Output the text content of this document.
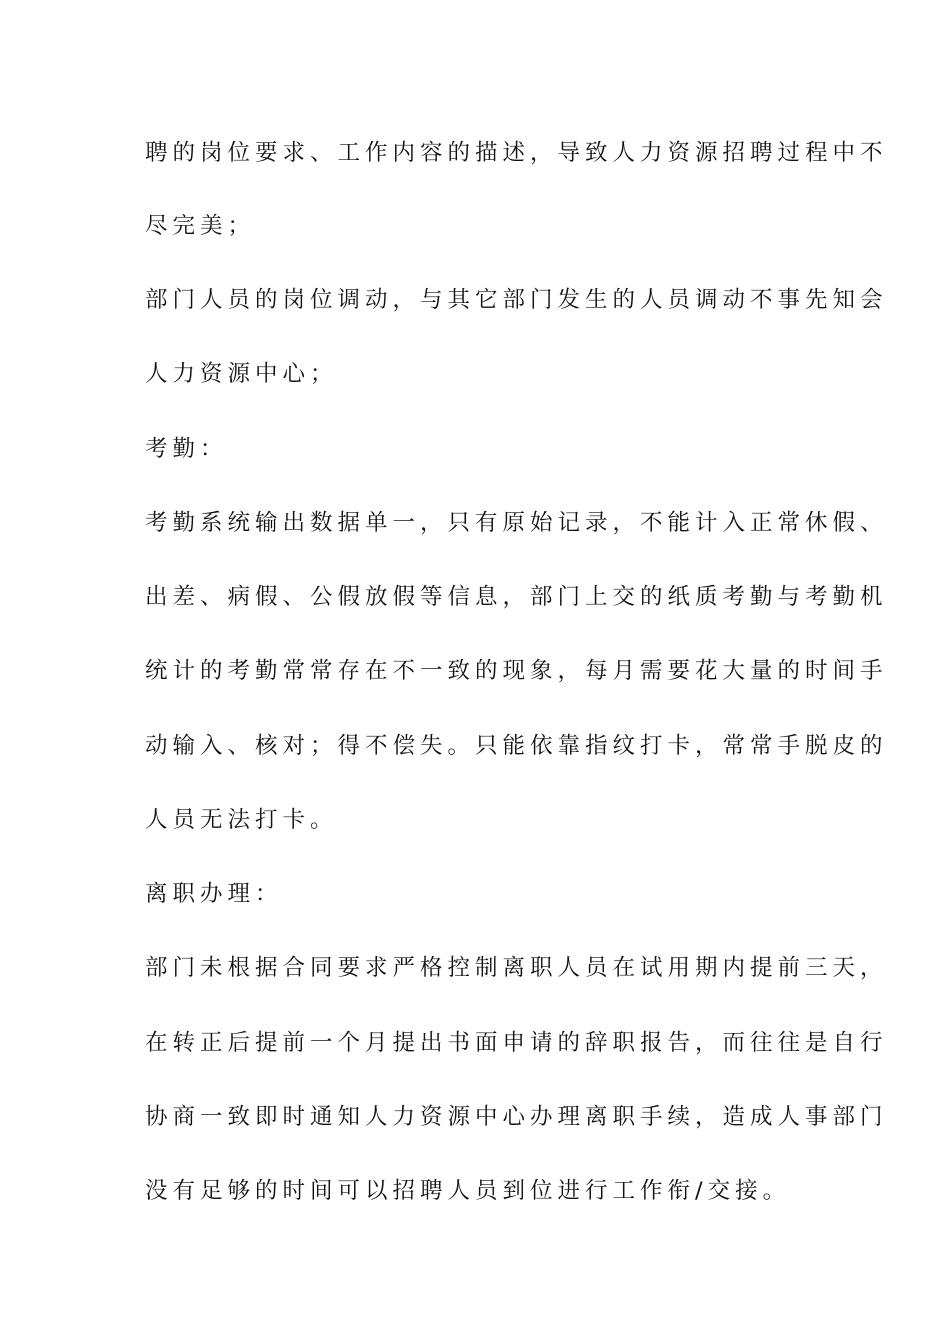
聘的岗位要求、工作内容的描述，导致人力资源招聘过程中不
尽完美；
部门人员的岗位调动，与其它部门发生的人员调动不事先知会
人力资源中心；
考勤：
考勤系统输出数据单一，只有原始记录，不能计入正常休假、
出差、病假、公假放假等信息，部门上交的纸质考勤与考勤机
统计的考勤常常存在不一致的现象，每月需要花大量的时间手
动输入、核对；得不偿失。只能依靠指纹打卡，常常手脱皮的
人员无法打卡。
离职办理：
部门未根据合同要求严格控制离职人员在试用期内提前三天，
在转正后提前一个月提出书面申请的辞职报告，而往往是自行
协商一致即时通知人力资源中心办理离职手续，造成人事部门
没有足够的时间可以招聘人员到位进行工作衔/交接。
